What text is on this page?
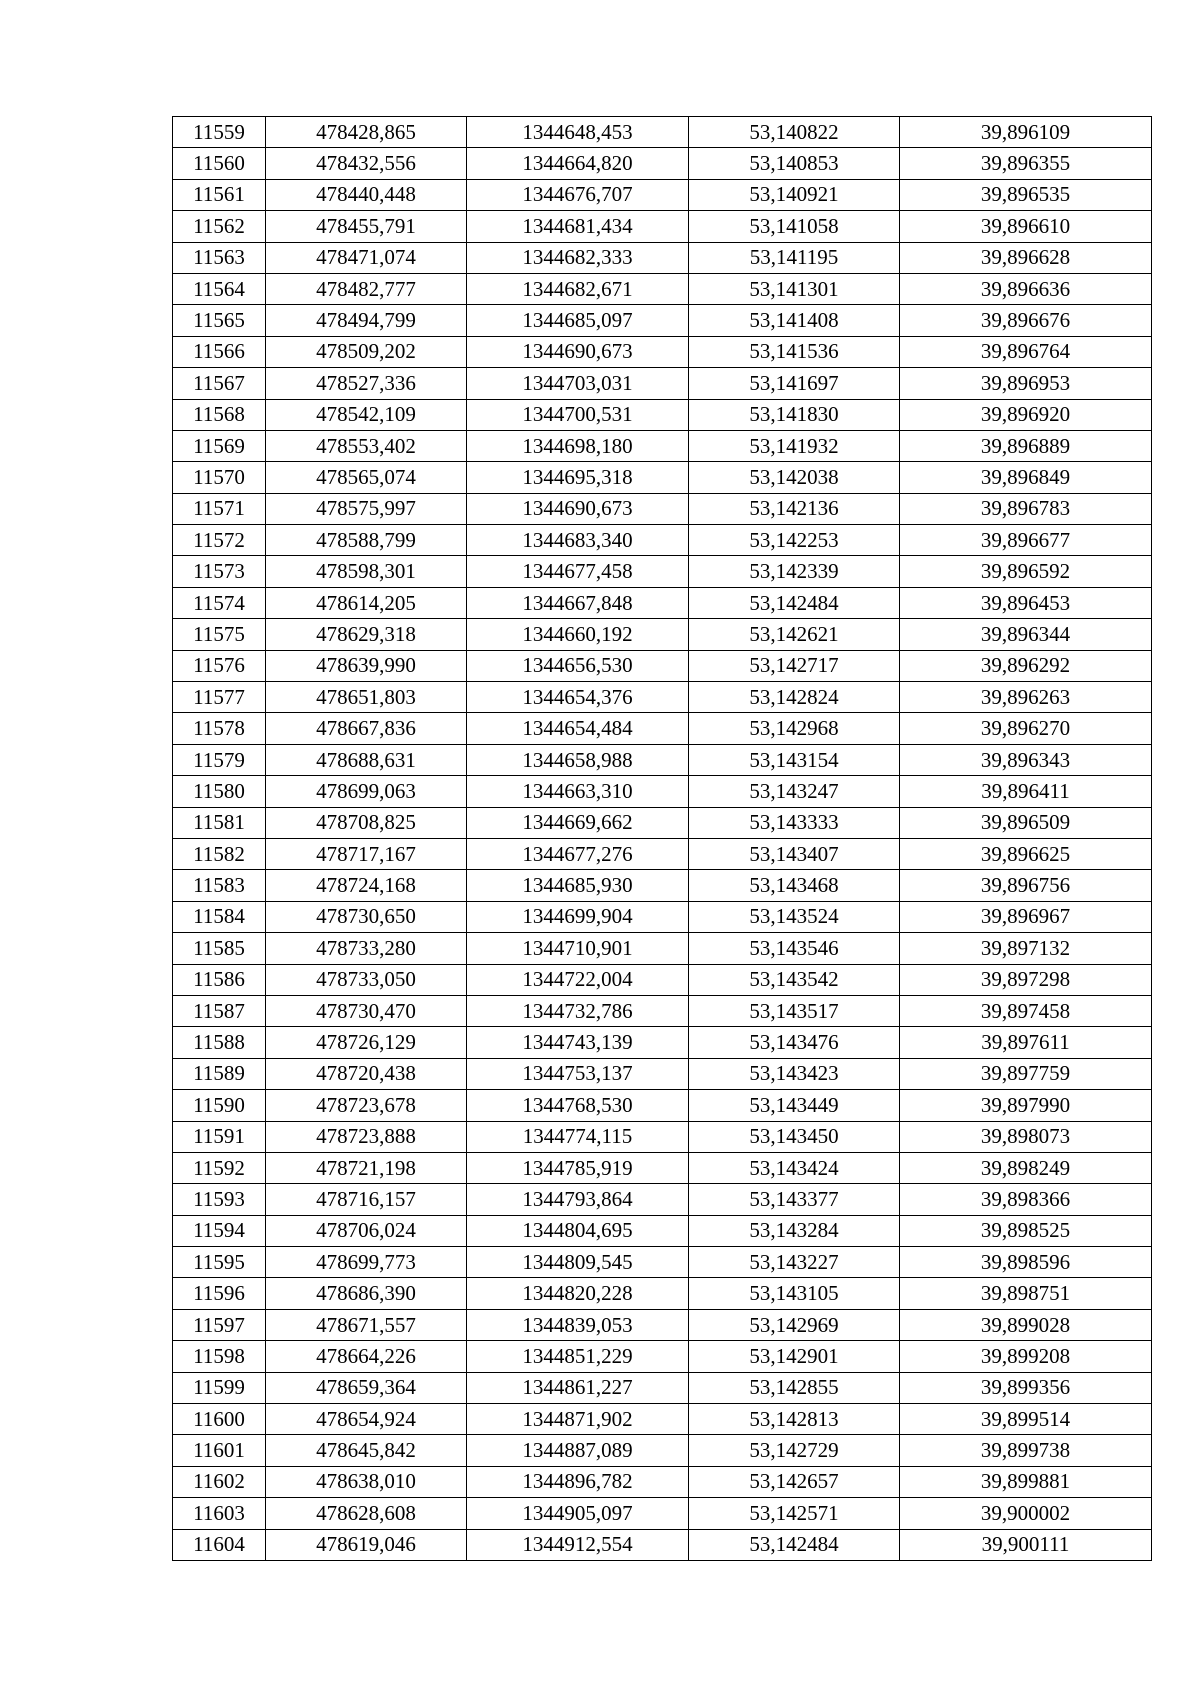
11559	478428,865	1344648,453	53,140822	39,896109
11560	478432,556	1344664,820	53,140853	39,896355
11561	478440,448	1344676,707	53,140921	39,896535
11562	478455,791	1344681,434	53,141058	39,896610
11563	478471,074	1344682,333	53,141195	39,896628
11564	478482,777	1344682,671	53,141301	39,896636
11565	478494,799	1344685,097	53,141408	39,896676
11566	478509,202	1344690,673	53,141536	39,896764
11567	478527,336	1344703,031	53,141697	39,896953
11568	478542,109	1344700,531	53,141830	39,896920
11569	478553,402	1344698,180	53,141932	39,896889
11570	478565,074	1344695,318	53,142038	39,896849
11571	478575,997	1344690,673	53,142136	39,896783
11572	478588,799	1344683,340	53,142253	39,896677
11573	478598,301	1344677,458	53,142339	39,896592
11574	478614,205	1344667,848	53,142484	39,896453
11575	478629,318	1344660,192	53,142621	39,896344
11576	478639,990	1344656,530	53,142717	39,896292
11577	478651,803	1344654,376	53,142824	39,896263
11578	478667,836	1344654,484	53,142968	39,896270
11579	478688,631	1344658,988	53,143154	39,896343
11580	478699,063	1344663,310	53,143247	39,896411
11581	478708,825	1344669,662	53,143333	39,896509
11582	478717,167	1344677,276	53,143407	39,896625
11583	478724,168	1344685,930	53,143468	39,896756
11584	478730,650	1344699,904	53,143524	39,896967
11585	478733,280	1344710,901	53,143546	39,897132
11586	478733,050	1344722,004	53,143542	39,897298
11587	478730,470	1344732,786	53,143517	39,897458
11588	478726,129	1344743,139	53,143476	39,897611
11589	478720,438	1344753,137	53,143423	39,897759
11590	478723,678	1344768,530	53,143449	39,897990
11591	478723,888	1344774,115	53,143450	39,898073
11592	478721,198	1344785,919	53,143424	39,898249
11593	478716,157	1344793,864	53,143377	39,898366
11594	478706,024	1344804,695	53,143284	39,898525
11595	478699,773	1344809,545	53,143227	39,898596
11596	478686,390	1344820,228	53,143105	39,898751
11597	478671,557	1344839,053	53,142969	39,899028
11598	478664,226	1344851,229	53,142901	39,899208
11599	478659,364	1344861,227	53,142855	39,899356
11600	478654,924	1344871,902	53,142813	39,899514
11601	478645,842	1344887,089	53,142729	39,899738
11602	478638,010	1344896,782	53,142657	39,899881
11603	478628,608	1344905,097	53,142571	39,900002
11604	478619,046	1344912,554	53,142484	39,900111
